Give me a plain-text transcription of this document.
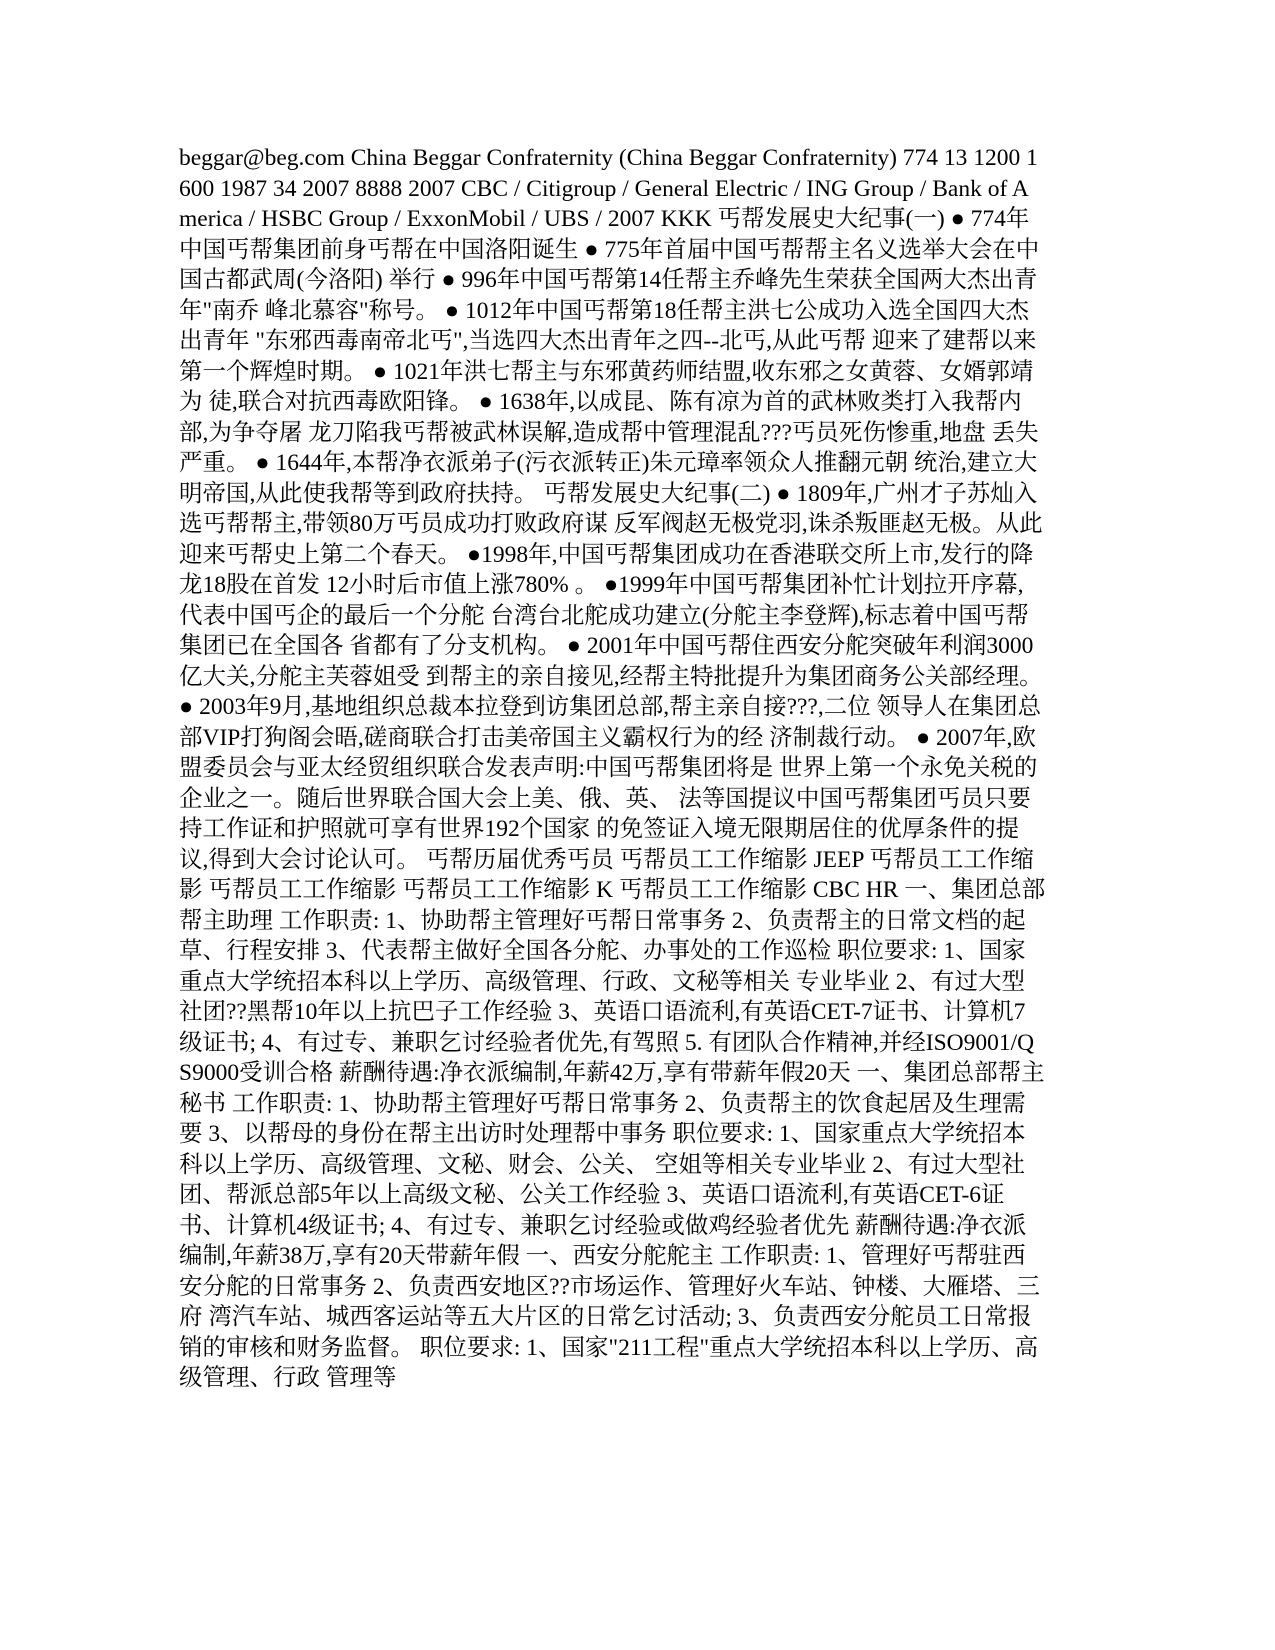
beggar@beg.com China Beggar Confraternity (China Beggar Confraternity) 774 13 1200 1600 1987 34 2007 8888 2007 CBC / Citigroup / General Electric / ING Group / Bank of America / HSBC Group / ExxonMobil / UBS / 2007 KKK 丐帮发展史大纪事(一) ● 774年中国丐帮集团前身丐帮在中国洛阳诞生 ● 775年首届中国丐帮帮主名义选举大会在中国古都武周(今洛阳) 举行 ● 996年中国丐帮第14任帮主乔峰先生荣获全国两大杰出青年"南乔 峰北慕容"称号。 ● 1012年中国丐帮第18任帮主洪七公成功入选全国四大杰出青年 "东邪西毒南帝北丐",当选四大杰出青年之四--北丐,从此丐帮 迎来了建帮以来第一个辉煌时期。 ● 1021年洪七帮主与东邪黄药师结盟,收东邪之女黄蓉、女婿郭靖为 徒,联合对抗西毒欧阳锋。 ● 1638年,以成昆、陈有凉为首的武林败类打入我帮内部,为争夺屠 龙刀陷我丐帮被武林误解,造成帮中管理混乱???丐员死伤惨重,地盘 丢失严重。 ● 1644年,本帮净衣派弟子(污衣派转正)朱元璋率领众人推翻元朝 统治,建立大明帝国,从此使我帮等到政府扶持。 丐帮发展史大纪事(二) ● 1809年,广州才子苏灿入选丐帮帮主,带领80万丐员成功打败政府谋 反军阀赵无极党羽,诛杀叛匪赵无极。从此迎来丐帮史上第二个春天。 ●1998年,中国丐帮集团成功在香港联交所上市,发行的降龙18股在首发 12小时后市值上涨780% 。 ●1999年中国丐帮集团补忙计划拉开序幕,代表中国丐企的最后一个分舵 台湾台北舵成功建立(分舵主李登辉),标志着中国丐帮集团已在全国各 省都有了分支机构。 ● 2001年中国丐帮住西安分舵突破年利润3000亿大关,分舵主芙蓉姐受 到帮主的亲自接见,经帮主特批提升为集团商务公关部经理。 ● 2003年9月,基地组织总裁本拉登到访集团总部,帮主亲自接???,二位 领导人在集团总部VIP打狗阁会晤,磋商联合打击美帝国主义霸权行为的经 济制裁行动。 ● 2007年,欧盟委员会与亚太经贸组织联合发表声明:中国丐帮集团将是 世界上第一个永免关税的企业之一。随后世界联合国大会上美、俄、英、 法等国提议中国丐帮集团丐员只要持工作证和护照就可享有世界192个国家 的免签证入境无限期居住的优厚条件的提议,得到大会讨论认可。 丐帮历届优秀丐员 丐帮员工工作缩影 JEEP 丐帮员工工作缩影 丐帮员工工作缩影 丐帮员工工作缩影 K 丐帮员工工作缩影 CBC HR 一、集团总部帮主助理 工作职责: 1、协助帮主管理好丐帮日常事务 2、负责帮主的日常文档的起草、行程安排 3、代表帮主做好全国各分舵、办事处的工作巡检 职位要求: 1、国家重点大学统招本科以上学历、高级管理、行政、文秘等相关 专业毕业 2、有过大型社团??黑帮10年以上抗巴子工作经验 3、英语口语流利,有英语CET-7证书、计算机7级证书; 4、有过专、兼职乞讨经验者优先,有驾照 5. 有团队合作精神,并经ISO9001/QS9000受训合格 薪酬待遇:净衣派编制,年薪42万,享有带薪年假20天 一、集团总部帮主秘书 工作职责: 1、协助帮主管理好丐帮日常事务 2、负责帮主的饮食起居及生理需要 3、以帮母的身份在帮主出访时处理帮中事务 职位要求: 1、国家重点大学统招本科以上学历、高级管理、文秘、财会、公关、 空姐等相关专业毕业 2、有过大型社团、帮派总部5年以上高级文秘、公关工作经验 3、英语口语流利,有英语CET-6证书、计算机4级证书; 4、有过专、兼职乞讨经验或做鸡经验者优先 薪酬待遇:净衣派编制,年薪38万,享有20天带薪年假 一、西安分舵舵主 工作职责: 1、管理好丐帮驻西安分舵的日常事务 2、负责西安地区??市场运作、管理好火车站、钟楼、大雁塔、三府 湾汽车站、城西客运站等五大片区的日常乞讨活动; 3、负责西安分舵员工日常报销的审核和财务监督。 职位要求: 1、国家"211工程"重点大学统招本科以上学历、高级管理、行政 管理等
